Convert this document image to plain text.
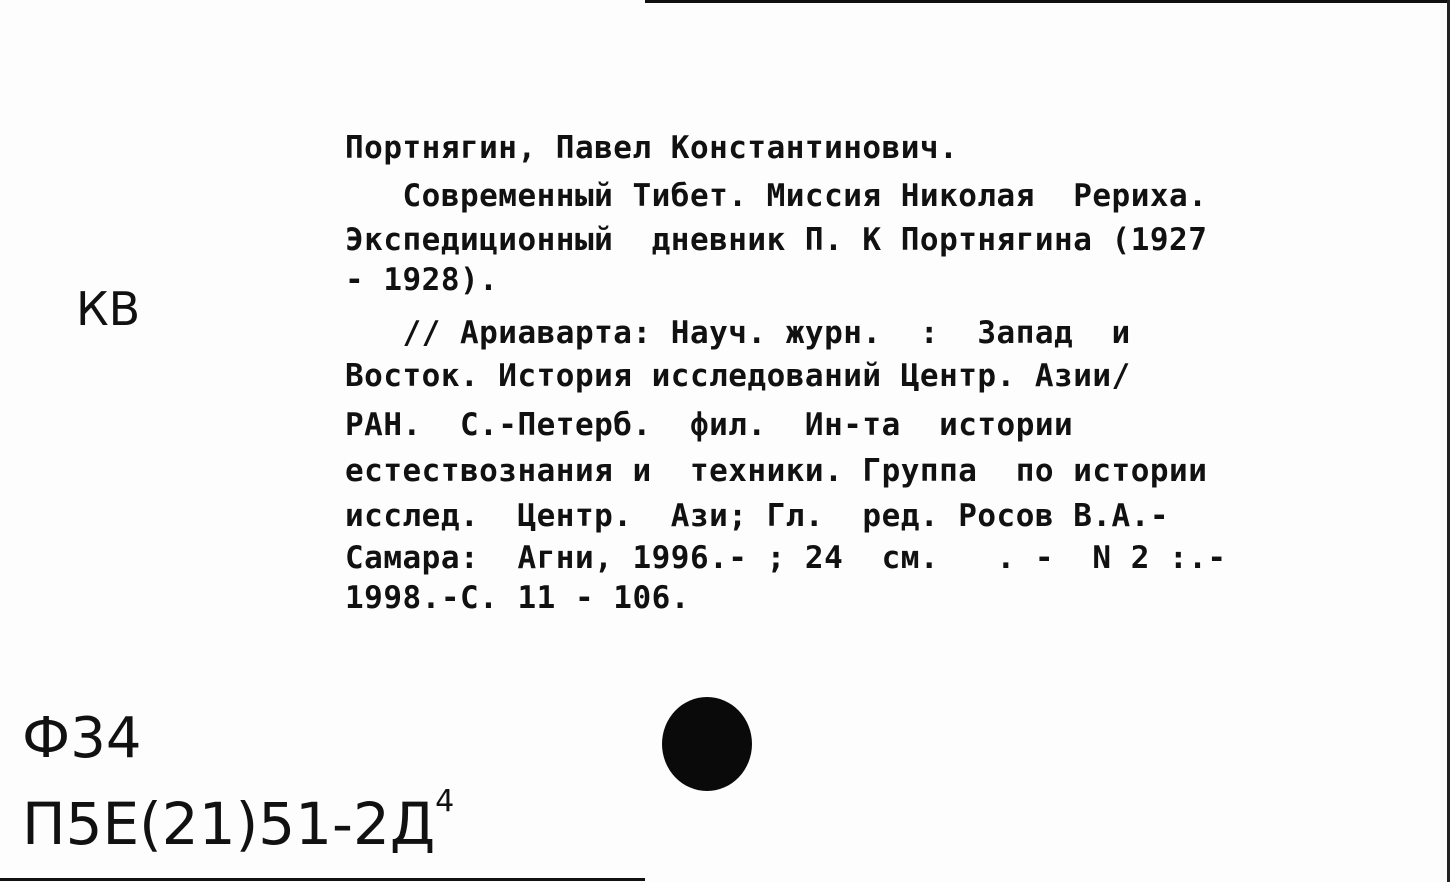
Портнягин, Павел Константинович.
Современный Тибет. Миссия Николая  Рериха.
Экспедиционный  дневник П. К Портнягина (1927
- 1928).
// Ариаварта: Науч. журн.  :  Запад  и
Восток. История исследований Центр. Азии/
РАН.  С.-Петерб.  фил.  Ин-та  истории
естествознания и  техники. Группа  по истории
исслед.  Центр.  Ази; Гл.  ред. Росов В.А.-
Самара:  Агни, 1996.- ; 24  см.   . -  N 2 :.-
1998.-С. 11 - 106.
КВ
Ф34
$П5Е(21)51-2Д^4$
